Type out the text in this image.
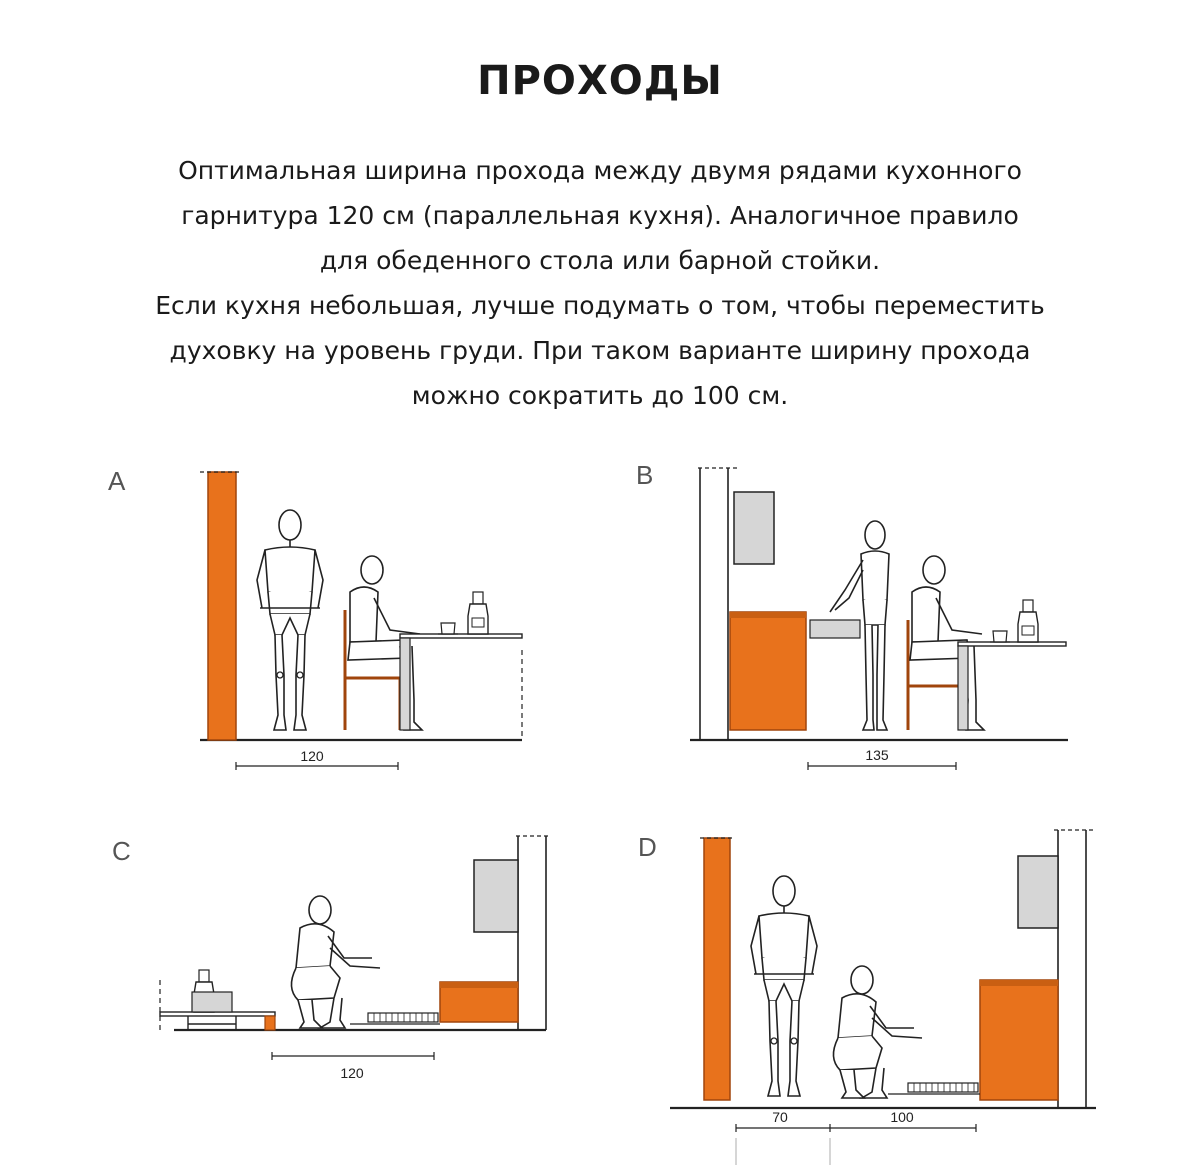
ПРОХОДЫ
Оптимальная ширина прохода между двумя рядами кухонного
гарнитура 120 см (параллельная кухня). Аналогичное правило
для обеденного стола или барной стойки.
Если кухня небольшая, лучше подумать о том, чтобы переместить
духовку на уровень груди. При таком варианте ширину прохода
можно сократить до 100 см.
A
120
B
135
C
120
D
70	100
